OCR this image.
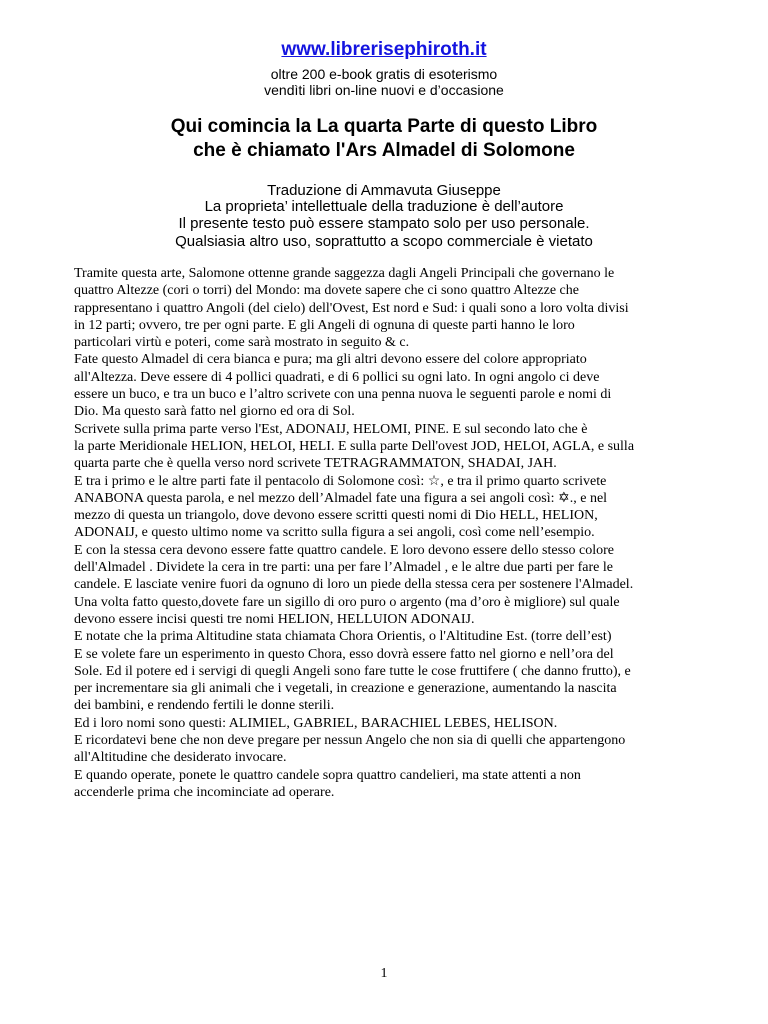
www.librerisephiroth.it
oltre 200 e-book gratis di esoterismo
vendìti libri on-line nuovi e d’occasione
Qui comincia la La quarta Parte di questo Libro
che è chiamato l'Ars Almadel di Solomone
Traduzione di Ammavuta Giuseppe
La proprieta’ intellettuale della traduzione è dell’autore
Il presente testo può essere stampato solo per uso personale.
Qualsiasia altro uso, soprattutto a scopo commerciale è vietato
Tramite questa arte, Salomone ottenne grande saggezza dagli Angeli Principali che governano le
quattro Altezze (cori o torri) del Mondo: ma dovete sapere che ci sono quattro Altezze che
rappresentano i quattro Angoli (del cielo) dell'Ovest, Est nord e Sud: i quali sono a loro volta divisi
in 12 parti; ovvero, tre per ogni parte. E gli Angeli di ognuna di queste parti hanno le loro
particolari virtù e poteri, come sarà mostrato in seguito & c.
Fate questo Almadel di cera bianca e pura; ma gli altri devono essere del colore appropriato
all'Altezza. Deve essere di 4 pollici quadrati, e di 6 pollici su ogni lato. In ogni angolo ci deve
essere un buco, e tra un buco e l’altro scrivete con una penna nuova le seguenti parole e nomi di
Dio. Ma questo sarà fatto nel giorno ed ora di Sol.
Scrivete sulla prima parte verso l'Est, ADONAIJ, HELOMI, PINE. E sul secondo lato che è
la parte Meridionale HELION, HELOI, HELI. E sulla parte Dell'ovest JOD, HELOI, AGLA, e sulla
quarta parte che è quella verso nord scrivete TETRAGRAMMATON, SHADAI, JAH.
E tra i primo e le altre parti fate il pentacolo di Solomone così: ☆, e tra il primo quarto scrivete
ANABONA questa parola, e nel mezzo dell’Almadel fate una figura a sei angoli così: ✡., e nel
mezzo di questa un triangolo, dove devono essere scritti questi nomi di Dio HELL, HELION,
ADONAIJ, e questo ultimo nome va scritto sulla figura a sei angoli, così come nell’esempio.
E con la stessa cera devono essere fatte quattro candele. E loro devono essere dello stesso colore
dell'Almadel . Dividete la cera in tre parti: una per fare l’Almadel , e le altre due parti per fare le
candele. E lasciate venire fuori da ognuno di loro un piede della stessa cera per sostenere l'Almadel.
Una volta fatto questo,dovete fare un sigillo di oro puro o argento (ma d’oro è migliore) sul quale
devono essere incisi questi tre nomi HELION, HELLUION ADONAIJ.
E notate che la prima Altitudine stata chiamata Chora Orientis, o l'Altitudine Est. (torre dell’est)
E se volete fare un esperimento in questo Chora, esso dovrà essere fatto nel giorno e nell’ora del
Sole. Ed il potere ed i servigi di quegli Angeli sono fare tutte le cose fruttifere ( che danno frutto), e
per incrementare sia gli animali che i vegetali, in creazione e generazione, aumentando la nascita
dei bambini, e rendendo fertili le donne sterili.
Ed i loro nomi sono questi: ALIMIEL, GABRIEL, BARACHIEL LEBES, HELISON.
E ricordatevi bene che non deve pregare per nessun Angelo che non sia di quelli che appartengono
all'Altitudine che desiderato invocare.
E quando operate, ponete le quattro candele sopra quattro candelieri, ma state attenti a non
accenderle prima che incominciate ad operare.
1
